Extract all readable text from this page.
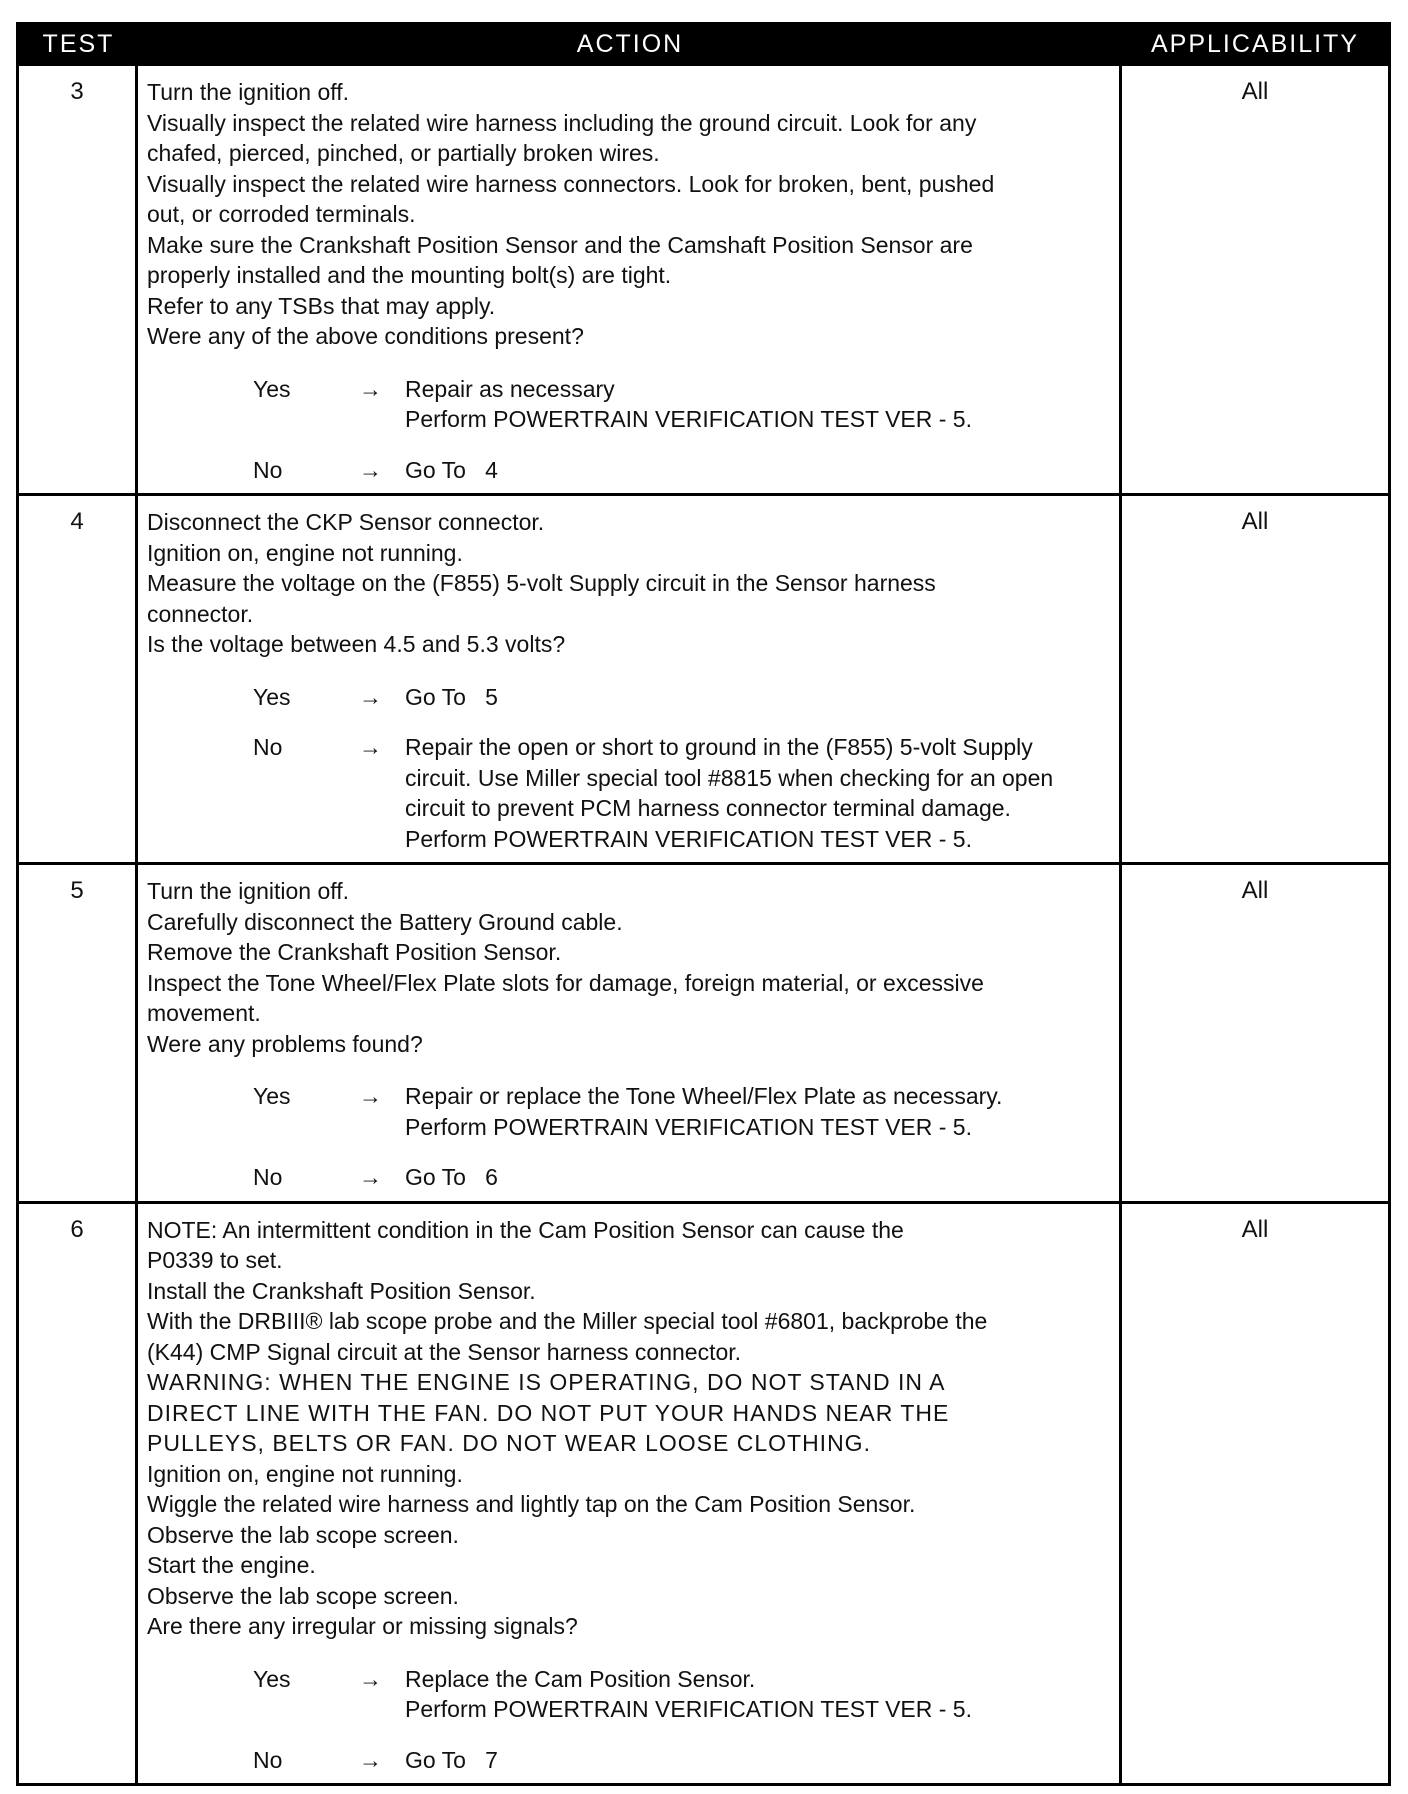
TEST	ACTION	APPLICABILITY
3	Turn the ignition off.
Visually inspect the related wire harness including the ground circuit. Look for any
chafed, pierced, pinched, or partially broken wires.
Visually inspect the related wire harness connectors. Look for broken, bent, pushed
out, or corroded terminals.
Make sure the Crankshaft Position Sensor and the Camshaft Position Sensor are
properly installed and the mounting bolt(s) are tight.
Refer to any TSBs that may apply.
Were any of the above conditions present?
Yes	→	Repair as necessary
Perform POWERTRAIN VERIFICATION TEST VER - 5.
No	→	Go To   4
All
4	Disconnect the CKP Sensor connector.
Ignition on, engine not running.
Measure the voltage on the (F855) 5-volt Supply circuit in the Sensor harness
connector.
Is the voltage between 4.5 and 5.3 volts?
Yes	→	Go To   5
No	→	Repair the open or short to ground in the (F855) 5-volt Supply
circuit. Use Miller special tool #8815 when checking for an open
circuit to prevent PCM harness connector terminal damage.
Perform POWERTRAIN VERIFICATION TEST VER - 5.
All
5	Turn the ignition off.
Carefully disconnect the Battery Ground cable.
Remove the Crankshaft Position Sensor.
Inspect the Tone Wheel/Flex Plate slots for damage, foreign material, or excessive
movement.
Were any problems found?
Yes	→	Repair or replace the Tone Wheel/Flex Plate as necessary.
Perform POWERTRAIN VERIFICATION TEST VER - 5.
No	→	Go To   6
All
6	NOTE: An intermittent condition in the Cam Position Sensor can cause the
P0339 to set.
Install the Crankshaft Position Sensor.
With the DRBIII® lab scope probe and the Miller special tool #6801, backprobe the
(K44) CMP Signal circuit at the Sensor harness connector.
WARNING: WHEN THE ENGINE IS OPERATING, DO NOT STAND IN A
DIRECT LINE WITH THE FAN. DO NOT PUT YOUR HANDS NEAR THE
PULLEYS, BELTS OR FAN. DO NOT WEAR LOOSE CLOTHING.
Ignition on, engine not running.
Wiggle the related wire harness and lightly tap on the Cam Position Sensor.
Observe the lab scope screen.
Start the engine.
Observe the lab scope screen.
Are there any irregular or missing signals?
Yes	→	Replace the Cam Position Sensor.
Perform POWERTRAIN VERIFICATION TEST VER - 5.
No	→	Go To   7
All
